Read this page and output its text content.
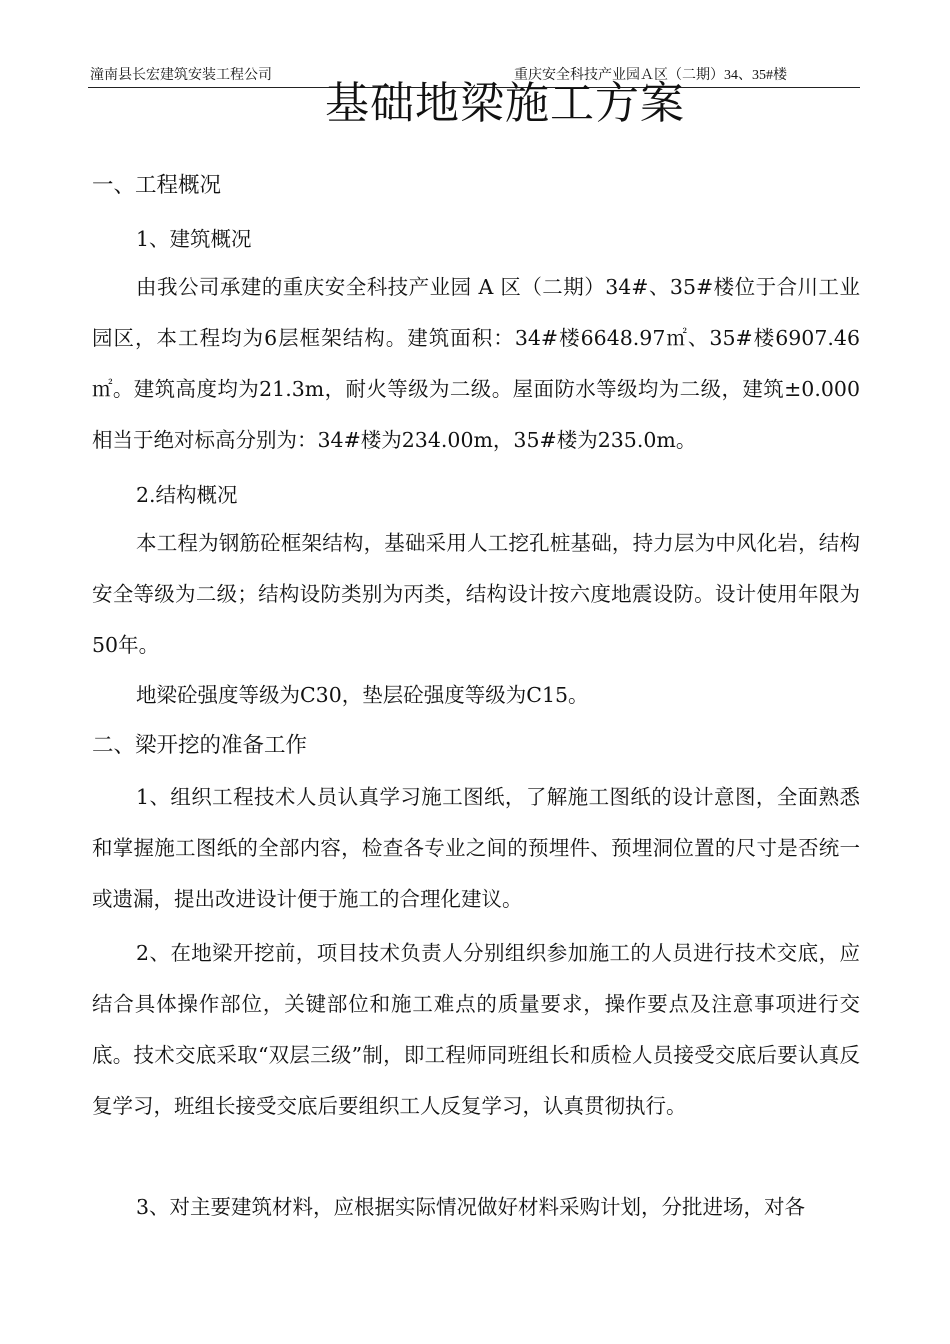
潼南县长宏建筑安装工程公司	重庆安全科技产业园Ａ区（二期）34、35#楼
基础地梁施工方案
一、工程概况
1、建筑概况
由我公司承建的重庆安全科技产业园 A 区（二期）34#、35#楼位于合川工业园区，本工程均为6层框架结构。建筑面积：34#楼6648.97㎡、35#楼6907.46㎡。建筑高度均为21.3m，耐火等级为二级。屋面防水等级均为二级，建筑±0.000相当于绝对标高分别为：34#楼为234.00m，35#楼为235.0m。
2.结构概况
本工程为钢筋砼框架结构，基础采用人工挖孔桩基础，持力层为中风化岩，结构安全等级为二级；结构设防类别为丙类，结构设计按六度地震设防。设计使用年限为50年。
地梁砼强度等级为C30，垫层砼强度等级为C15。
二、梁开挖的准备工作
1、组织工程技术人员认真学习施工图纸，了解施工图纸的设计意图，全面熟悉和掌握施工图纸的全部内容，检查各专业之间的预埋件、预埋洞位置的尺寸是否统一或遗漏，提出改进设计便于施工的合理化建议。
2、在地梁开挖前，项目技术负责人分别组织参加施工的人员进行技术交底，应结合具体操作部位，关键部位和施工难点的质量要求，操作要点及注意事项进行交底。技术交底采取“双层三级”制，即工程师同班组长和质检人员接受交底后要认真反复学习，班组长接受交底后要组织工人反复学习，认真贯彻执行。
3、对主要建筑材料，应根据实际情况做好材料采购计划，分批进场，对各
